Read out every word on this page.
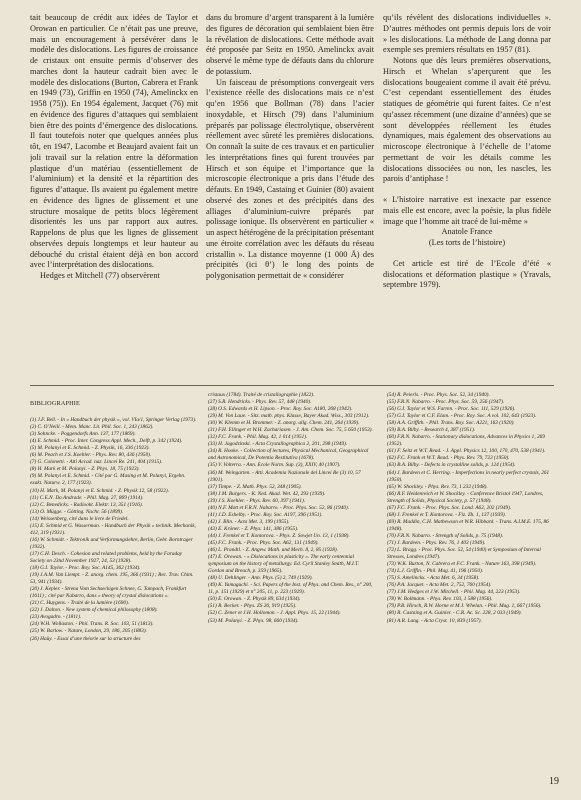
tait beaucoup de crédit aux idées de Taylor et Orowan en particulier. Ce n’était pas une preuve, mais un encouragement à persévérer dans le modèle des dislocations. Les figures de croissance de cristaux ont ensuite permis d’observer des marches dont la hauteur cadrait bien avec le modèle des dislocations (Burton, Cabrera et Frank en 1949 (73), Griffin en 1950 (74), Amelinckx en 1958 (75)). En 1954 également, Jacquet (76) mit en évidence des figures d’attaques qui semblaient bien être des points d’émergence des dislocations. Il faut toutefois noter que quelques années plus tôt, en 1947, Lacombe et Beaujard avaient fait un joli travail sur la relation entre la déformation plastique d’un matériau (essentiellement de l’aluminium) et la densité et la répartition des figures d’attaque. Ils avaient pu également mettre en évidence des lignes de glissement et une structure mosaïque de petits blocs légèrement disorientés les uns par rapport aux autres. Rappelons de plus que les lignes de glissement observées depuis longtemps et leur hauteur au débouché du cristal étaient déjà en bon accord avec l’interprétation des dislocations.

Hedges et Mitchell (77) observèrent

dans du bromure d’argent transparent à la lumière des figures de décoration qui semblaient bien être la révélation de dislocations. Cette méthode avait été proposée par Seitz en 1950. Amelinckx avait observé le même type de défauts dans du chlorure de potassium.

Un faisceau de présomptions convergeait vers l’existence réelle des dislocations mais ce n’est qu’en 1956 que Bollman (78) dans l’acier inoxydable, et Hirsch (79) dans l’aluminium préparés par polissage électrolytique, observèrent réellement avec sûreté les premières dislocations. On connaît la suite de ces travaux et en particulier les interprétations fines qui furent trouvées par Hirsch et son équipe et l’importance que la microscopie électronique a pris dans l’étude des défauts. En 1949, Castaing et Guinier (80) avaient observé des zones et des précipités dans des alliages d’aluminium-cuivre préparés par polissage ionique. Ils observèrent en particulier « un aspect hétérogène de la précipitation présentant une étroite corrélation avec les défauts du réseau cristallin ». La distance moyenne (1 000 Å) des précipités (ici θ’) le long des points de polygonisation permettait de « considérer

qu’ils révèlent des dislocations individuelles ». D’autres méthodes ont permis depuis lors de voir » les dislocations. La méthode de Lang donna par exemple ses premiers résultats en 1957 (81).

Notons que dès leurs premières observations, Hirsch et Whelan s’aperçurent que les dislocations bougeaient comme il avait été prévu. C’est cependant essentiellement des études statiques de géométrie qui furent faites. Ce n’est qu’assez récemment (une dizaine d’années) que se sont développées réellement les études dynamiques, mais également des observations au microscope électronique à l’échelle de l’atome permettant de voir les détails comme les dislocations dissociées ou non, les nascles, les parois d’antiphase !

« L’histoire narrative est inexacte par essence mais elle est encore, avec la poésie, la plus fidèle image que l’homme ait tracé de lui-même »

Anatole France

(Les torts de l’histoire)

Cet article est tiré de l’Ecole d’été « dislocations et déformation plastique » (Yravals, septembre 1979).

BIBLIOGRAPHIE
(1) J.F. Bell. - In « Handbuch der physik », vol. VIa/1, Springer Verlag (1973).
(2) C. O’Neill. - Mem. Manc. Lit. Phil. Soc. 1, 243 (1862).
(3) Sohncke. - Poggendorfs Ann. 137, 177 (1869).
(4) E. Schmid. - Proc. Inter. Congress Appl. Mech., Delft, p. 342 (1924).
(5) M. Polanyi et E. Schmid. - Z. Physik, 16, 336 (1923).
(6) M. Peach et J.S. Koehler. - Phys. Rev. 80, 436 (1950).
(7) G. Colonetti. - Atti Accad. naz. Lincei Re. 241, 404 (1915).
(8) H. Mark et M. Polanyi. - Z. Phys. 18, 75 (1923).
(9) M. Polanyi et E. Schmid. - Cité par G. Masing et M. Polanyi, Ergebn. exakt. Naturw. 2, 177 (1923).
(10) H. Mark, M. Polanyi et E. Schmid. - Z. Physik 12, 58 (1922).
(11) C.E.N. Da Andrade. - Phil. Mag. 27, 869 (1914).
(12) C. Benedicks. - Radiookt. Elektr. 13, 351 (1916).
(13) O. Mügge. - Götting. Nachr. 56 (1899).
(14) Weissenberg, cité dans le livre de Friedel.
(15) E. Schmid et G. Wasserman. - Handbuch der Physik « technik. Mechanik, 412, 319 (1931).
(16) W. Schmidt. - Tektronik und Verformungslehre, Berlin, Gebr. Borntrager (1932).
(17) C.H. Desch. - Cohesion and related problems, held by the Faraday Society on 23nd November 1927, 24, 53 (1928).
(18) G.I. Taylor. - Proc. Roy. Soc. A145, 362 (1934).
(19) J.A.M. Van Liempt. - Z. anorg. chem. 195, 366 (1931) ; Rec. Trav. Chim. 53, 941 (1934).
(20) J. Kepler. - Strena Vom Sechseckigen Schnee, G. Tampach, Frankfurt (1611) ; cité par Nabarro, dans « theory of crystal dislocations ».
(21) C. Huygens. - Traité de la lumière (1690).
(22) J. Dalton. - New system of chemical philosophy (1808).
(23) Avogadro. - (1811).
(24) W.H. Wollaston. - Phil. Trans. R. Soc. 103, 51 (1813).
(25) W. Barlow. - Nature, London, 29, 186, 205 (1883).
(26) Haüy. - Essai d’une théorie sur la structure des
cristaux (1784). Traité de cristallographie (1822).
(27) S.R. Hendricks. - Phys. Rev. 57, 448 (1940).
(28) O.S. Edwards et H. Lipson. - Proc. Roy. Soc. A180, 268 (1942).
(29) M. Von Laue. - Sitz. math. phys. Klasse, Bayer Akad. Wiss., 303 (1912).
(30) W. Klemm et H. Brommer. - Z. anorg. allg. Chem. 241, 264 (1939).
(31) F.H. Ellinger et W.H. Zachariasen. - J. Am. Chem. Soc. 75, 5 650 (1953).
(32) F.C. Frank. - Phil. Mag. 42, 1 014 (1951).
(33) H. Jagodzinski. - Acta Crystallographica 2, 201, 298 (1949).
(34) R. Hooke. - Collection of lectures, Physical Mechanical, Geographical and Astronomical, De Potentia Restitutiva (1678).
(35) V. Volterra. - Ann. Ecole Norm. Sup. (3), XXIV, 40 (1907).
(36) M. Weingarten. - Atti. Academia Nazionale del Lincei Re (3) 10, 57 (1901).
(37) Timpe. - Z. Math. Phys. 52, 348 (1905).
(38) J.M. Burgers. - K. Ned. Akad. Wet. 42, 293 (1939).
(39) J.S. Koehler. - Phys. Rev. 60, 397 (1941).
(40) N.F. Mott et F.R.N. Nabarro. - Proc. Phys. Soc. 52, 86 (1940).
(41) J.D. Eshelby. - Proc. Roy. Soc. A197, 396 (1951).
(42) J. Blin. - Acta Met. 3, 199 (1955).
(43) E. Kröner. - Z. Phys. 141, 386 (1955).
(44) J. Frenkel et T. Kontorova. - Phys. Z. Sowjet Un. 13, 1 (1938).
(45) F.C. Frank. - Proc. Phys. Soc. A62, 131 (1949).
(46) L. Prandtl. - Z. Angew. Math. und Mech. 8, 2, 85 (1928).
(47) E. Orowan. - « Dislocations in plasticity ». The early centennial symposium on the history of metallurgy. Ed. Cyril Stanley Smith, M.I.T. Gordon and Breach, p. 359 (1965).
(48) U. Dehlinger. - Ann. Phys. (5) 2, 749 (1929).
(49) K. Yamaguchi. - Sci. Papers of the Inst. of Phys. and Chem. Res., n° 200, 11, p. 151 (1929) et n° 205, 11, p. 223 (1929).
(50) E. Orowan. - Z. Physik 89, 634 (1934).
(51) R. Becker. - Phys. ZS 26, 919 (1925).
(52) C. Zener et J.H. Hollomon. - J. Appl. Phys. 15, 22 (1944).
(53) M. Polanyi. - Z. Phys. 98, 660 (1934).
(54) R. Peierls. - Proc. Phys. Soc. 52, 34 (1940).
(55) F.R.N. Nabarro. - Proc. Phys. Soc. 59, 256 (1947).
(56) G.I. Taylor et W.S. Farren. - Proc. Soc. 111, 529 (1926).
(57) G.I. Taylor et C.F. Elam. - Proc. Roy. Soc. A vol. 102, 643 (1923).
(58) A.A. Griffith. - Phil. Trans. Roy. Soc. A221, 163 (1920).
(59) B.A. Bilby. - Research 4, 387 (1951).
(60) F.R.N. Nabarro. - Stationary dislocations, Advances in Physics 1, 269 (1952).
(61) F. Seitz et W.T. Read. - J. Appl. Physics 12, 100, 170, 470, 538 (1941).
(62) F.C. Frank et W.T. Read. - Phys. Rev. 79, 722 (1950).
(63) B.A. Bilby. - Defects in crystalline solids, p. 124 (1954).
(64) J. Bardeen et C. Herring. - Imperfections in nearly perfect crystals, 261 (1950).
(65) W. Shockley. - Phys. Rev. 73, 1 232 (1948).
(66) R.F. Heidenreich et W. Shockley. - Conference Bristol 1947, Londres, Strength of Solids, Physical Society, p. 57 (1948).
(67) F.C. Frank. - Proc. Phys. Soc. Lond. A62, 202 (1949).
(68) J. Frenkel et T. Kontorova. - Fiz. Zh. 1, 137 (1939).
(69) R. Maddin, C.H. Mathewson et W.R. Hibbard. - Trans. A.I.M.E. 175, 86 (1948).
(70) F.R.N. Nabarro. - Strength of Solids, p. 75 (1948).
(71) J. Bardeen. - Phys. Rev. 76, 1 403 (1949).
(72) L. Bragg. - Proc. Phys. Soc. 52, 54 (1940) et Symposium of Internal Stresses, Londres (1947).
(73) W.K. Burton, N. Cabrera et F.C. Frank. - Nature 163, 398 (1949).
(74) L.J. Griffin. - Phil. Mag. 41, 196 (1950).
(75) S. Amelinckx. - Acta Met. 6, 34 (1958).
(76) P.A. Jacquet. - Acta Met. 2, 752, 760 (1954).
(77) J.M. Hedges et J.W. Mitchell. - Phil. Mag. 44, 223 (1953).
(78) W. Bollmann. - Phys. Rev. 103, 1 588 (1956).
(79) P.B. Hirsch, R.W. Horne et M.J. Whelan. - Phil. Mag. 1, 667 (1956).
(80) R. Castaing et A. Guinier. - C.R. Ac. Sc. 228, 2 033 (1949).
(81) A.R. Lang. - Acta Cryst. 10, 839 (1957).
19
